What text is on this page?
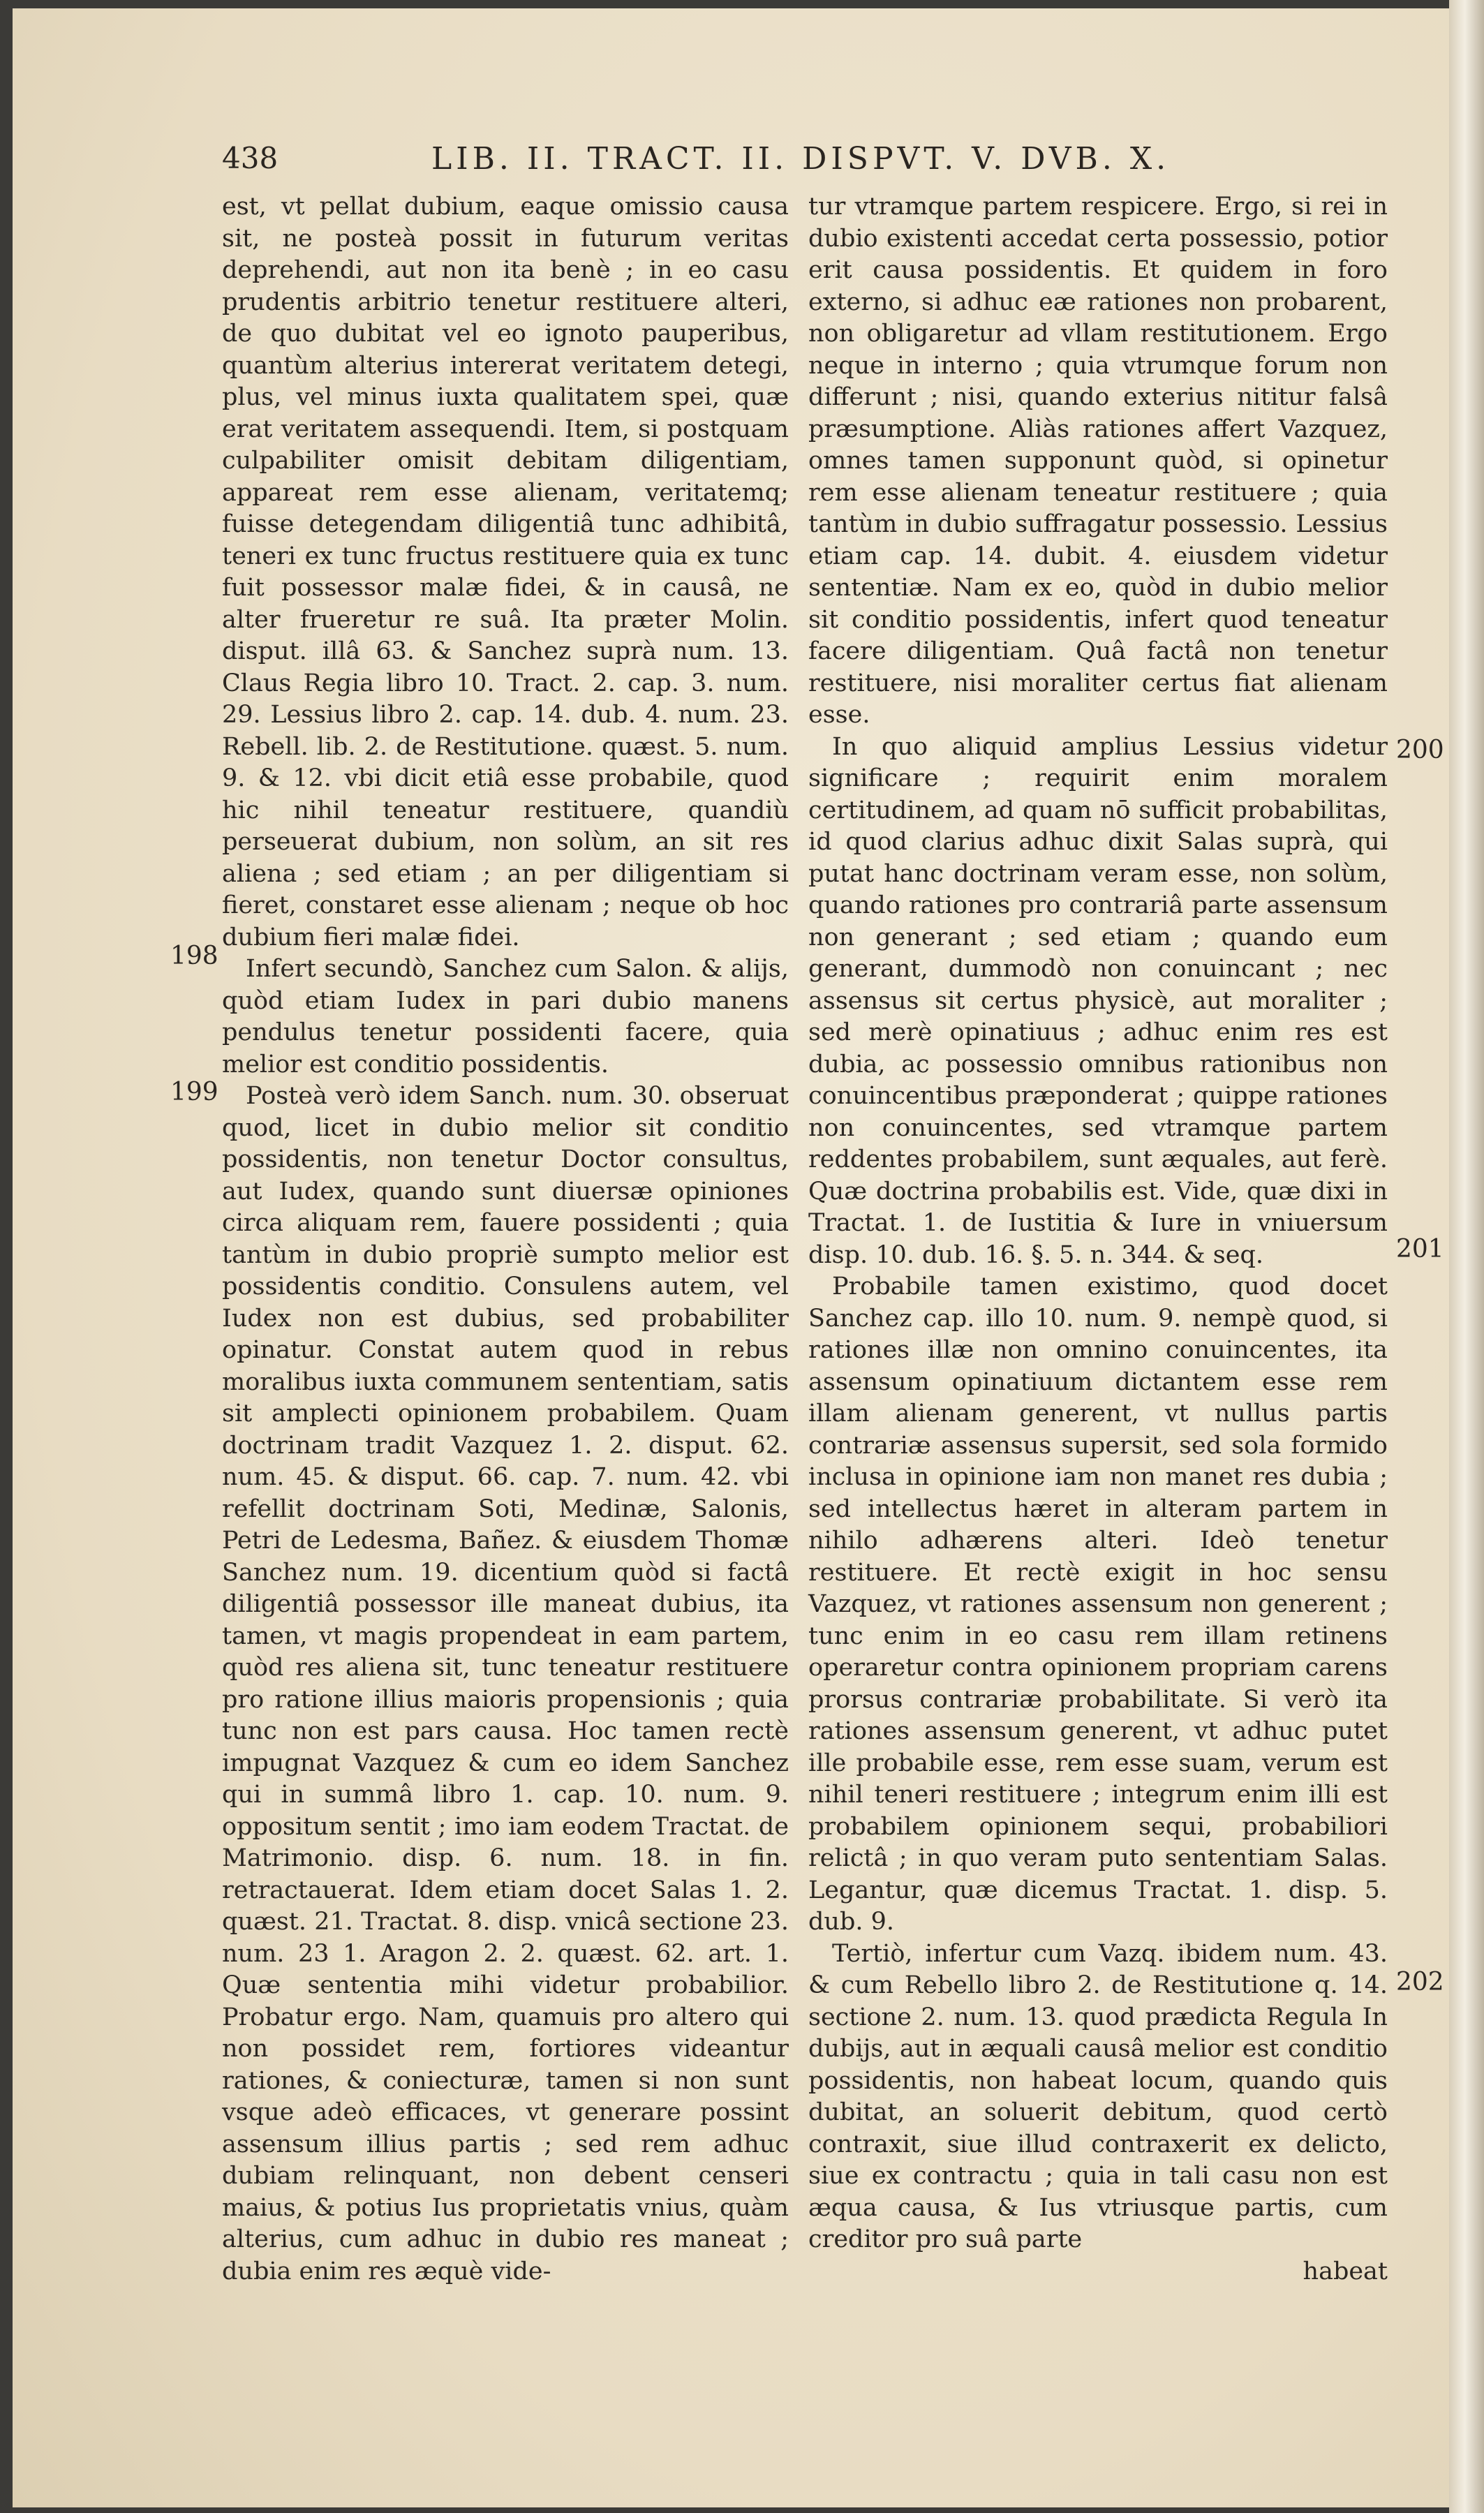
438	LIB. II. TRACT. II. DISPVT. V. DVB. X.

est, vt pellat dubium, eaque omissio causa sit, ne posteà possit in futurum veritas deprehendi, aut non ita benè ; in eo casu prudentis arbitrio tenetur restituere alteri, de quo dubitat vel eo ignoto pauperibus, quantùm alterius intererat veritatem detegi, plus, vel minus iuxta qualitatem spei, quæ erat veritatem assequendi. Item, si postquam culpabiliter omisit debitam diligentiam, appareat rem esse alienam, veritatemq; fuisse detegendam diligentiâ tunc adhibitâ, teneri ex tunc fructus restituere quia ex tunc fuit possessor malæ fidei, & in causâ, ne alter frueretur re suâ. Ita præter Molin. disput. illâ 63. & Sanchez suprà num. 13. Claus Regia libro 10. Tract. 2. cap. 3. num. 29. Lessius libro 2. cap. 14. dub. 4. num. 23. Rebell. lib. 2. de Restitutione. quæst. 5. num. 9. & 12. vbi dicit etiâ esse probabile, quod hic nihil teneatur restituere, quandiù perseuerat dubium, non solùm, an sit res aliena ; sed etiam ; an per diligentiam si fieret, constaret esse alienam ; neque ob hoc dubium fieri malæ fidei.

Infert secundò, Sanchez cum Salon. & alijs, quòd etiam Iudex in pari dubio manens pendulus tenetur possidenti facere, quia melior est conditio possidentis.

Posteà verò idem Sanch. num. 30. obseruat quod, licet in dubio melior sit conditio possidentis, non tenetur Doctor consultus, aut Iudex, quando sunt diuersæ opiniones circa aliquam rem, fauere possidenti ; quia tantùm in dubio propriè sumpto melior est possidentis conditio. Consulens autem, vel Iudex non est dubius, sed probabiliter opinatur. Constat autem quod in rebus moralibus iuxta communem sententiam, satis sit amplecti opinionem probabilem. Quam doctrinam tradit Vazquez 1. 2. disput. 62. num. 45. & disput. 66. cap. 7. num. 42. vbi refellit doctrinam Soti, Medinæ, Salonis, Petri de Ledesma, Bañez. & eiusdem Thomæ Sanchez num. 19. dicentium quòd si factâ diligentiâ possessor ille maneat dubius, ita tamen, vt magis propendeat in eam partem, quòd res aliena sit, tunc teneatur restituere pro ratione illius maioris propensionis ; quia tunc non est pars causa. Hoc tamen rectè impugnat Vazquez & cum eo idem Sanchez qui in summâ libro 1. cap. 10. num. 9. oppositum sentit ; imo iam eodem Tractat. de Matrimonio. disp. 6. num. 18. in fin. retractauerat. Idem etiam docet Salas 1. 2. quæst. 21. Tractat. 8. disp. vnicâ sectione 23. num. 23 1. Aragon 2. 2. quæst. 62. art. 1. Quæ sententia mihi videtur probabilior. Probatur ergo. Nam, quamuis pro altero qui non possidet rem, fortiores videantur rationes, & coniecturæ, tamen si non sunt vsque adeò efficaces, vt generare possint assensum illius partis ; sed rem adhuc dubiam relinquant, non debent censeri maius, & potius Ius proprietatis vnius, quàm alterius, cum adhuc in dubio res maneat ; dubia enim res æquè vide-

tur vtramque partem respicere. Ergo, si rei in dubio existenti accedat certa possessio, potior erit causa possidentis. Et quidem in foro externo, si adhuc eæ rationes non probarent, non obligaretur ad vllam restitutionem. Ergo neque in interno ; quia vtrumque forum non differunt ; nisi, quando exterius nititur falsâ præsumptione. Aliàs rationes affert Vazquez, omnes tamen supponunt quòd, si opinetur rem esse alienam teneatur restituere ; quia tantùm in dubio suffragatur possessio. Lessius etiam cap. 14. dubit. 4. eiusdem videtur sententiæ. Nam ex eo, quòd in dubio melior sit conditio possidentis, infert quod teneatur facere diligentiam. Quâ factâ non tenetur restituere, nisi moraliter certus fiat alienam esse.

In quo aliquid amplius Lessius videtur significare ; requirit enim moralem certitudinem, ad quam nō sufficit probabilitas, id quod clarius adhuc dixit Salas suprà, qui putat hanc doctrinam veram esse, non solùm, quando rationes pro contrariâ parte assensum non generant ; sed etiam ; quando eum generant, dummodò non conuincant ; nec assensus sit certus physicè, aut moraliter ; sed merè opinatiuus ; adhuc enim res est dubia, ac possessio omnibus rationibus non conuincentibus præponderat ; quippe rationes non conuincentes, sed vtramque partem reddentes probabilem, sunt æquales, aut ferè. Quæ doctrina probabilis est. Vide, quæ dixi in Tractat. 1. de Iustitia & Iure in vniuersum disp. 10. dub. 16. §. 5. n. 344. & seq.

Probabile tamen existimo, quod docet Sanchez cap. illo 10. num. 9. nempè quod, si rationes illæ non omnino conuincentes, ita assensum opinatiuum dictantem esse rem illam alienam generent, vt nullus partis contrariæ assensus supersit, sed sola formido inclusa in opinione iam non manet res dubia ; sed intellectus hæret in alteram partem in nihilo adhærens alteri. Ideò tenetur restituere. Et rectè exigit in hoc sensu Vazquez, vt rationes assensum non generent ; tunc enim in eo casu rem illam retinens operaretur contra opinionem propriam carens prorsus contrariæ probabilitate. Si verò ita rationes assensum generent, vt adhuc putet ille probabile esse, rem esse suam, verum est nihil teneri restituere ; integrum enim illi est probabilem opinionem sequi, probabiliori relictâ ; in quo veram puto sententiam Salas. Legantur, quæ dicemus Tractat. 1. disp. 5. dub. 9.

Tertiò, infertur cum Vazq. ibidem num. 43. & cum Rebello libro 2. de Restitutione q. 14. sectione 2. num. 13. quod prædicta Regula In dubijs, aut in æquali causâ melior est conditio possidentis, non habeat locum, quando quis dubitat, an soluerit debitum, quod certò contraxit, siue illud contraxerit ex delicto, siue ex contractu ; quia in tali casu non est æqua causa, & Ius vtriusque partis, cum creditor pro suâ parte

habeat
198
199
200
201
202
